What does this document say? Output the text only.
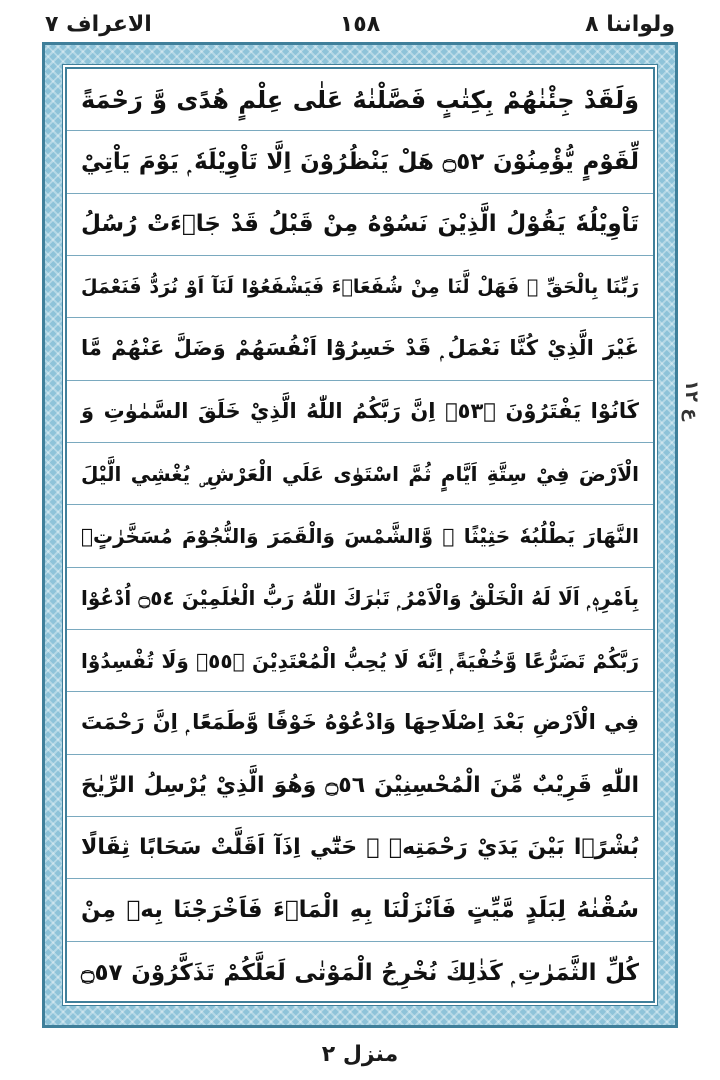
ولواننا ۸
١٥٨
الاعراف ۷
وَلَقَدْ جِئْنٰهُمْ بِكِتٰبٍ فَصَّلْنٰهُ عَلٰى عِلْمٍ هُدًى وَّ رَحْمَةً
لِّقَوْمٍ يُّؤْمِنُوْنَ ۝٥٢ هَلْ يَنْظُرُوْنَ اِلَّا تَاْوِيْلَهٗ ۭ يَوْمَ يَاْتِيْ
تَاْوِيْلُهٗ يَقُوْلُ الَّذِيْنَ نَسُوْهُ مِنْ قَبْلُ قَدْ جَاۗءَتْ رُسُلُ
رَبِّنَا بِالْحَقِّ ۚ فَهَلْ لَّنَا مِنْ شُفَعَاۗءَ فَيَشْفَعُوْا لَنَآ اَوْ نُرَدُّ فَنَعْمَلَ
غَيْرَ الَّذِيْ كُنَّا نَعْمَلُ ۭ قَدْ خَسِرُوْٓا اَنْفُسَهُمْ وَضَلَّ عَنْهُمْ مَّا
كَانُوْا يَفْتَرُوْنَ ۝٥٣ۧ اِنَّ رَبَّكُمُ اللّٰهُ الَّذِيْ خَلَقَ السَّمٰوٰتِ وَ
الْاَرْضَ فِيْ سِتَّةِ اَيَّامٍ ثُمَّ اسْتَوٰى عَلَي الْعَرْشِ ۣ يُغْشِي الَّيْلَ
النَّهَارَ يَطْلُبُهٗ حَثِيْثًا ۙ وَّالشَّمْسَ وَالْقَمَرَ وَالنُّجُوْمَ مُسَخَّرٰتٍۢ
بِاَمْرِهٖ ۭ اَلَا لَهُ الْخَلْقُ وَالْاَمْرُ ۭ تَبٰرَكَ اللّٰهُ رَبُّ الْعٰلَمِيْنَ ۝٥٤ اُدْعُوْا
رَبَّكُمْ تَضَرُّعًا وَّخُفْيَةً ۭ اِنَّهٗ لَا يُحِبُّ الْمُعْتَدِيْنَ ۝٥٥ۚ وَلَا تُفْسِدُوْا
فِي الْاَرْضِ بَعْدَ اِصْلَاحِهَا وَادْعُوْهُ خَوْفًا وَّطَمَعًا ۭ اِنَّ رَحْمَتَ
اللّٰهِ قَرِيْبٌ مِّنَ الْمُحْسِنِيْنَ ۝٥٦ وَهُوَ الَّذِيْ يُرْسِلُ الرِّيٰحَ
بُشْرًۢا بَيْنَ يَدَيْ رَحْمَتِهٖ ۭ حَتّٰٓي اِذَآ اَقَلَّتْ سَحَابًا ثِقَالًا
سُقْنٰهُ لِبَلَدٍ مَّيِّتٍ فَاَنْزَلْنَا بِهِ الْمَاۗءَ فَاَخْرَجْنَا بِهٖ مِنْ
كُلِّ الثَّمَرٰتِ ۭ كَذٰلِكَ نُخْرِجُ الْمَوْتٰى لَعَلَّكُمْ تَذَكَّرُوْنَ ۝٥٧
ع ١٢
منزل ٢
